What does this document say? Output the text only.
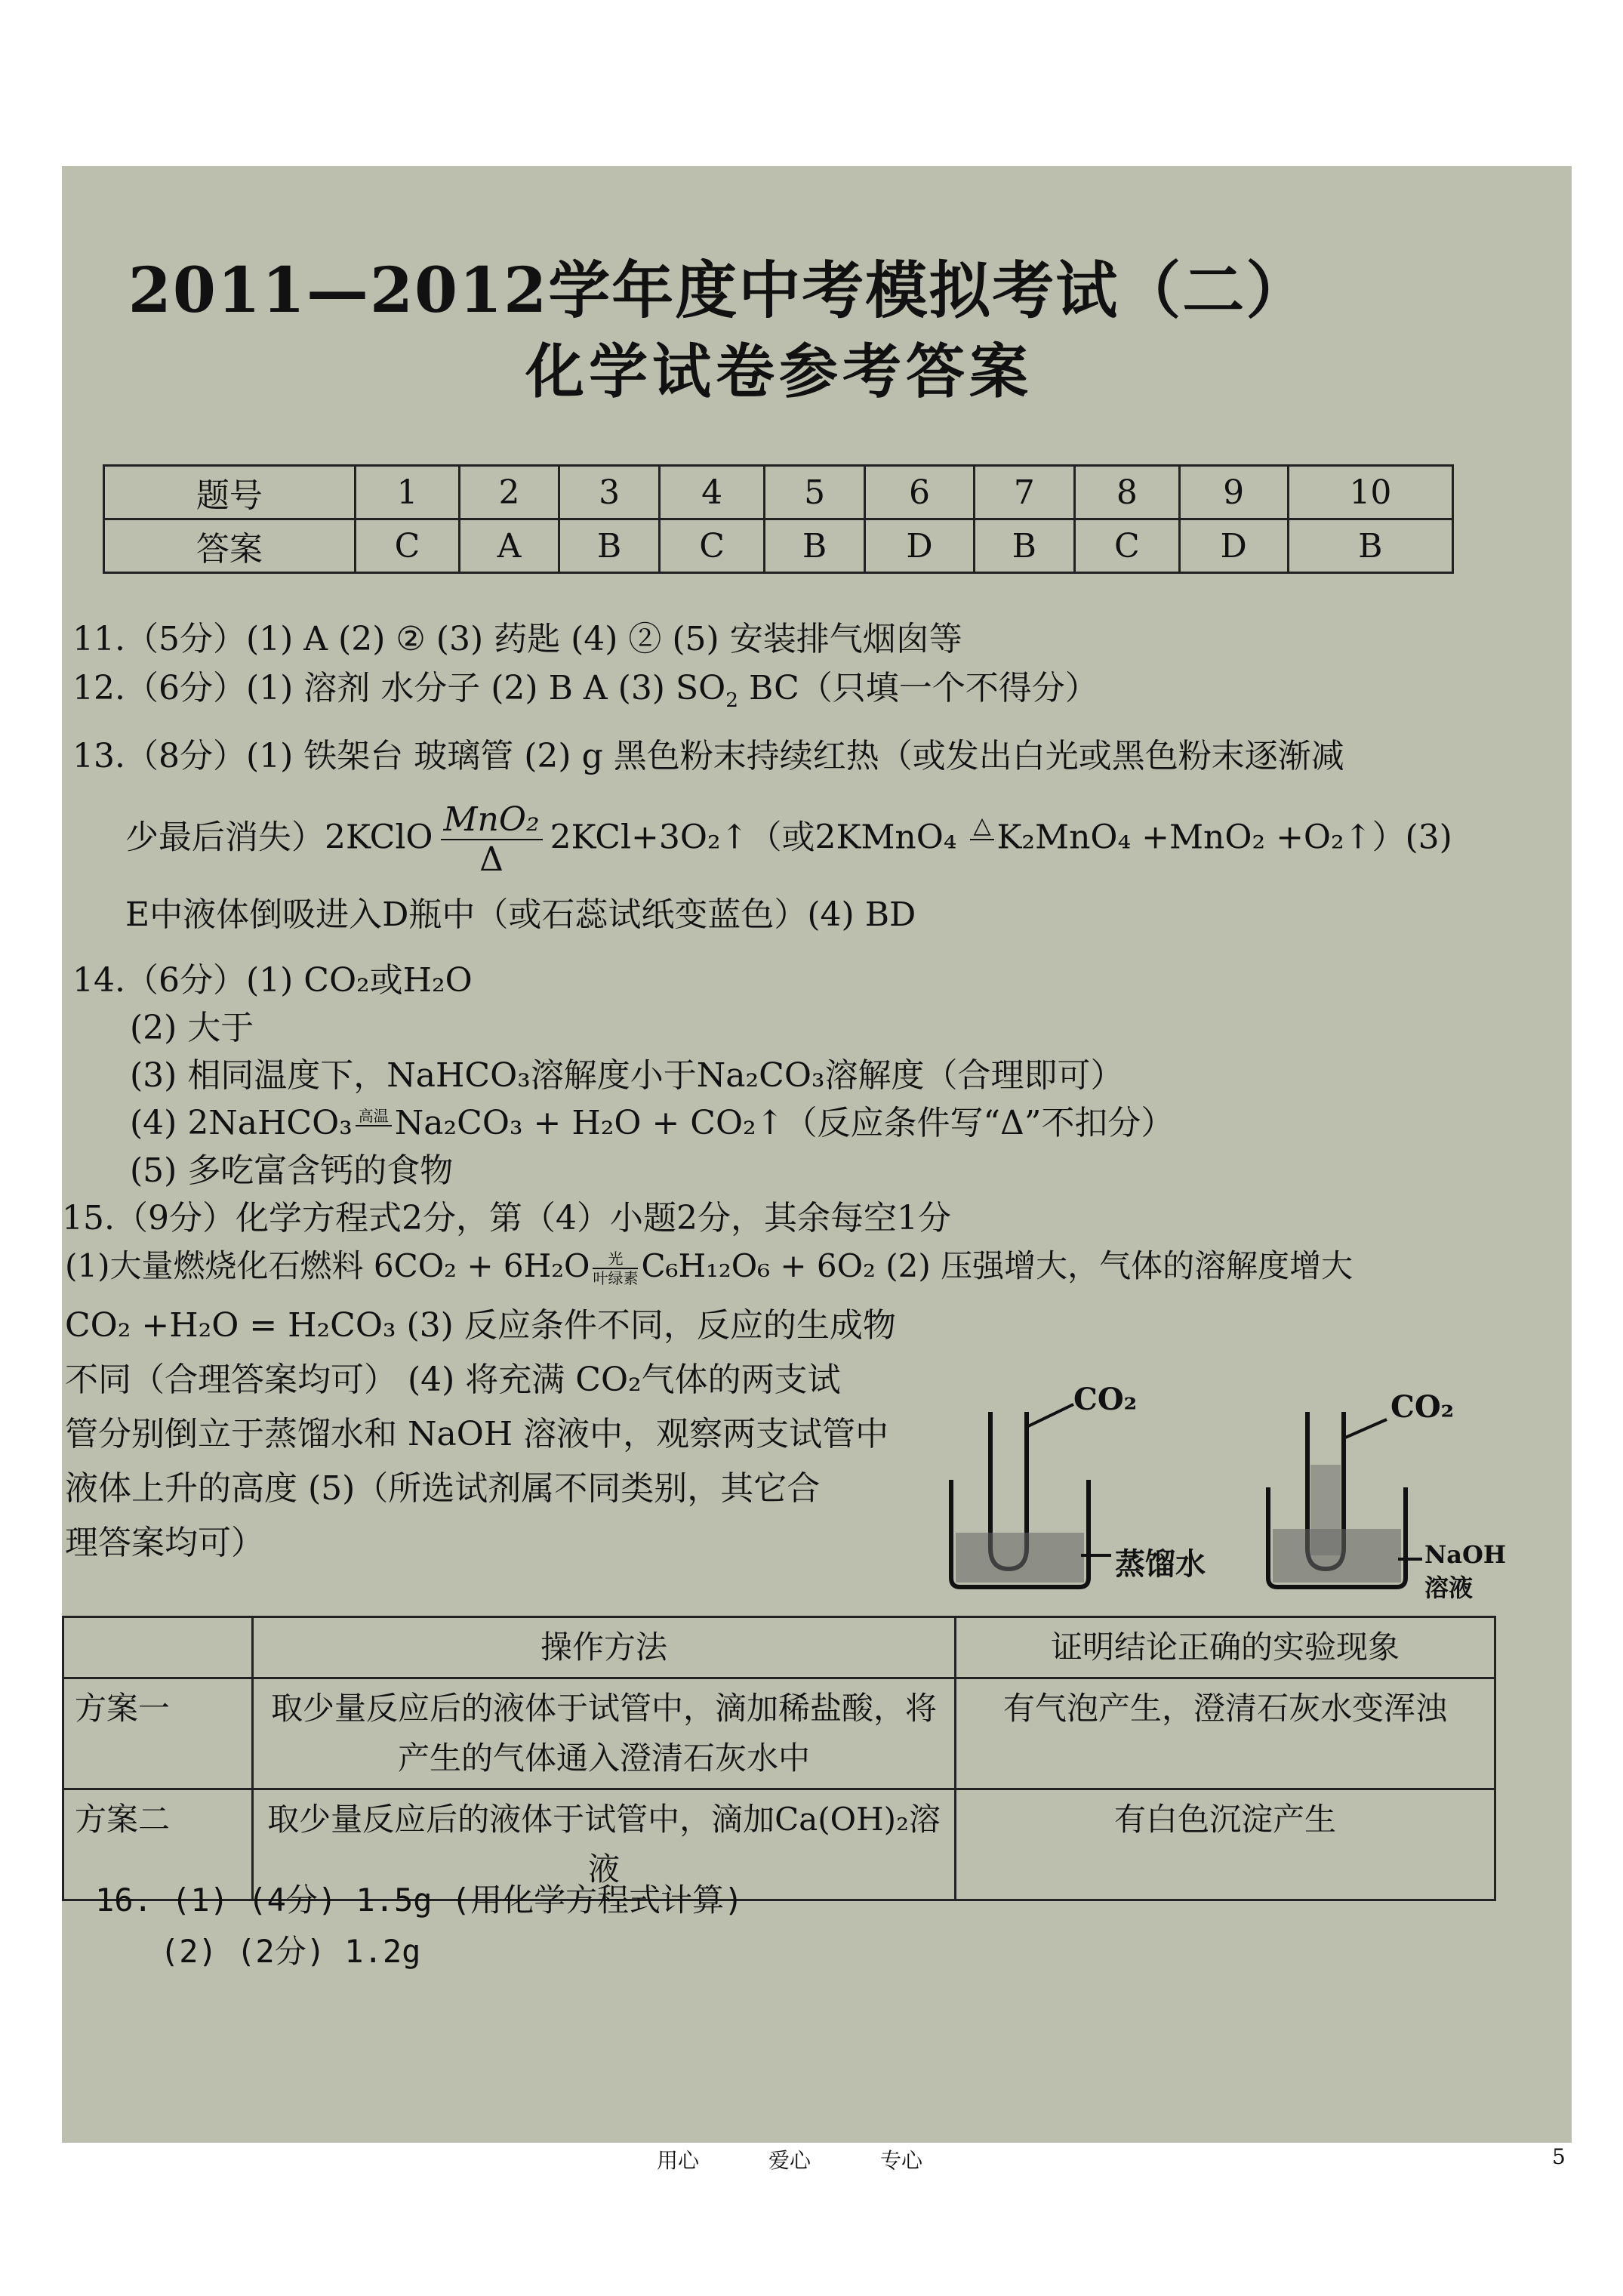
2011—2012学年度中考模拟考试（二）
化学试卷参考答案
题号	1	2	3	4	5	6	7	8	9	10
答案	C	A	B	C	B	D	B	C	D	B
11.（5分）(1) A (2) ② (3) 药匙 (4) ② (5) 安装排气烟囱等
12.（6分）(1) 溶剂 水分子 (2) B A (3) $SO_2$ BC（只填一个不得分）
13.（8分）(1) 铁架台 玻璃管 (2) g 黑色粉末持续红热（或发出白光或黑色粉末逐渐减
少最后消失）2KClO $\frac{\text{MnO₂}}{\Delta}$ 2KCl+3O₂↑（或2KMnO₄ △
K₂MnO₄ +MnO₂ +O₂↑）(3)
E中液体倒吸进入D瓶中（或石蕊试纸变蓝色）(4) BD
14.（6分）(1) CO₂或H₂O
(2) 大于
(3) 相同温度下，NaHCO₃溶解度小于Na₂CO₃溶解度（合理即可）
(4) 2NaHCO₃ 高温
Na₂CO₃ + H₂O + CO₂↑（反应条件写“Δ”不扣分）
(5) 多吃富含钙的食物
15.（9分）化学方程式2分，第（4）小题2分，其余每空1分
(1)大量燃烧化石燃料 6CO₂ + 6H₂O	光
叶绿素 C₆H₁₂O₆ + 6O₂ (2) 压强增大，气体的溶解度增大
CO₂ +H₂O = H₂CO₃ (3) 反应条件不同，反应的生成物
不同（合理答案均可） (4) 将充满 CO₂气体的两支试
管分别倒立于蒸馏水和 NaOH 溶液中，观察两支试管中
液体上升的高度 (5)（所选试剂属不同类别，其它合
理答案均可）
CO₂
蒸馏水
CO₂
NaOH
溶液
	操作方法	证明结论正确的实验现象
方案一	取少量反应后的液体于试管中，滴加稀盐酸，将产生的气体通入澄清石灰水中	有气泡产生，澄清石灰水变浑浊
方案二	取少量反应后的液体于试管中，滴加Ca(OH)₂溶液	有白色沉淀产生
16. (1) (4分) 1.5g (用化学方程式计算)
(2) (2分) 1.2g
用心	爱心	专心	5
